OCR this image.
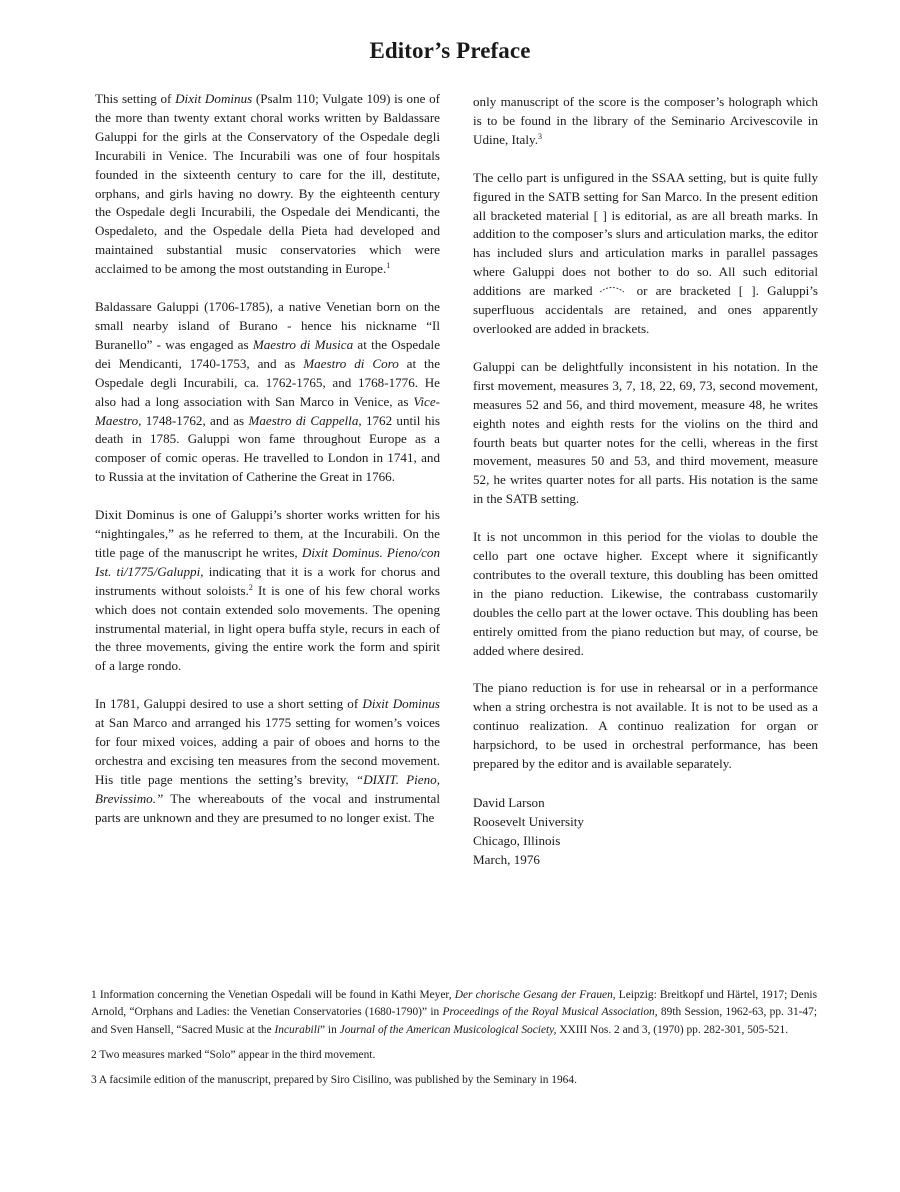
Editor’s Preface

This setting of Dixit Dominus (Psalm 110; Vulgate 109) is one of the more than twenty extant choral works written by Baldassare Galuppi for the girls at the Conservatory of the Ospedale degli Incurabili in Venice. The Incurabili was one of four hospitals founded in the sixteenth century to care for the ill, destitute, orphans, and girls having no dowry. By the eighteenth century the Ospedale degli Incurabili, the Ospedale dei Mendicanti, the Ospedaleto, and the Ospedale della Pieta had developed and maintained substantial music conservatories which were acclaimed to be among the most outstanding in Europe.$^1$

Baldassare Galuppi (1706-1785), a native Venetian born on the small nearby island of Burano - hence his nickname “Il Buranello” - was engaged as Maestro di Musica at the Ospedale dei Mendicanti, 1740-1753, and as Maestro di Coro at the Ospedale degli Incurabili, ca. 1762-1765, and 1768-1776. He also had a long association with San Marco in Venice, as Vice-Maestro, 1748-1762, and as Maestro di Cappella, 1762 until his death in 1785. Galuppi won fame throughout Europe as a composer of comic operas. He travelled to London in 1741, and to Russia at the invitation of Catherine the Great in 1766.

Dixit Dominus is one of Galuppi’s shorter works written for his “nightingales,” as he referred to them, at the Incurabili. On the title page of the manuscript he writes, Dixit Dominus. Pieno/con Ist. ti/1775/Galuppi, indicating that it is a work for chorus and instruments without soloists.$^2$ It is one of his few choral works which does not contain extended solo movements. The opening instrumental material, in light opera buffa style, recurs in each of the three movements, giving the entire work the form and spirit of a large rondo.

In 1781, Galuppi desired to use a short setting of Dixit Dominus at San Marco and arranged his 1775 setting for women’s voices for four mixed voices, adding a pair of oboes and horns to the orchestra and excising ten measures from the second movement. His title page mentions the setting’s brevity, “DIXIT. Pieno, Brevissimo.” The whereabouts of the vocal and instrumental parts are unknown and they are presumed to no longer exist. The

only manuscript of the score is the composer’s holograph which is to be found in the library of the Seminario Arcivescovile in Udine, Italy.$^3$

The cello part is unfigured in the SSAA setting, but is quite fully figured in the SATB setting for San Marco. In the present edition all bracketed material [ ] is editorial, as are all breath marks. In addition to the composer’s slurs and articulation marks, the editor has included slurs and articulation marks in parallel passages where Galuppi does not bother to do so. All such editorial additions are marked	or are bracketed [ ]. Galuppi’s superfluous accidentals are retained, and ones apparently overlooked are added in brackets.

Galuppi can be delightfully inconsistent in his notation. In the first movement, measures 3, 7, 18, 22, 69, 73, second movement, measures 52 and 56, and third movement, measure 48, he writes eighth notes and eighth rests for the violins on the third and fourth beats but quarter notes for the celli, whereas in the first movement, measures 50 and 53, and third movement, measure 52, he writes quarter notes for all parts. His notation is the same in the SATB setting.

It is not uncommon in this period for the violas to double the cello part one octave higher. Except where it significantly contributes to the overall texture, this doubling has been omitted in the piano reduction. Likewise, the contrabass customarily doubles the cello part at the lower octave. This doubling has been entirely omitted from the piano reduction but may, of course, be added where desired.

The piano reduction is for use in rehearsal or in a performance when a string orchestra is not available. It is not to be used as a continuo realization. A continuo realization for organ or harpsichord, to be used in orchestral performance, has been prepared by the editor and is available separately.

David Larson
Roosevelt University
Chicago, Illinois
March, 1976

1 Information concerning the Venetian Ospedali will be found in Kathi Meyer, Der chorische Gesang der Frauen, Leipzig: Breitkopf und Härtel, 1917; Denis Arnold, “Orphans and Ladies: the Venetian Conservatories (1680-1790)” in Proceedings of the Royal Musical Association, 89th Session, 1962-63, pp. 31-47; and Sven Hansell, “Sacred Music at the Incurabili” in Journal of the American Musicological Society, XXIII Nos. 2 and 3, (1970) pp. 282-301, 505-521.

2 Two measures marked “Solo” appear in the third movement.

3 A facsimile edition of the manuscript, prepared by Siro Cisilino, was published by the Seminary in 1964.
